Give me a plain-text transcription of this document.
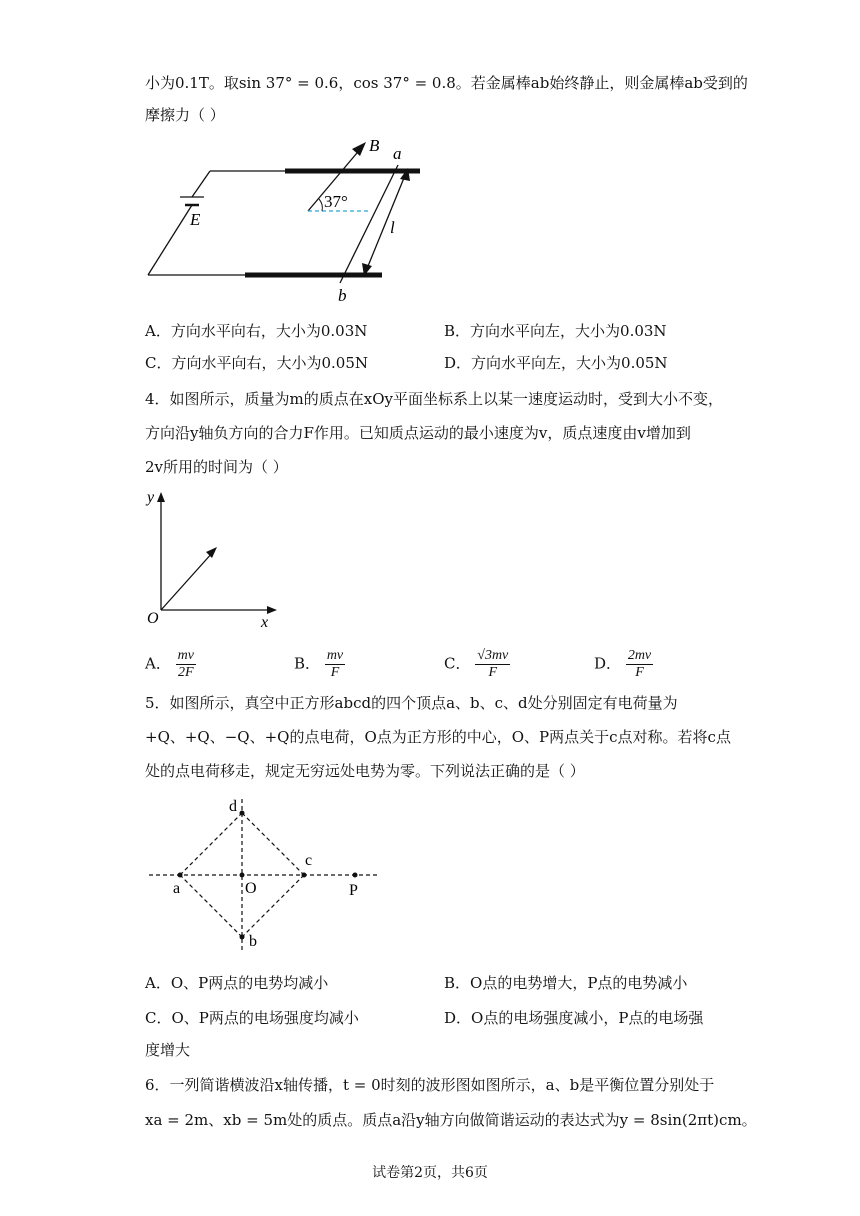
小为0.1T。取sin 37° = 0.6，cos 37° = 0.8。若金属棒ab始终静止，则金属棒ab受到的
摩擦力（ ）
B a
37°
E	l
b
A．方向水平向右，大小为0.03N	B．方向水平向左，大小为0.03N
C．方向水平向右，大小为0.05N	D．方向水平向左，大小为0.05N
4．如图所示，质量为m的质点在xOy平面坐标系上以某一速度运动时，受到大小不变，
方向沿y轴负方向的合力F作用。已知质点运动的最小速度为v，质点速度由v增加到
2v所用的时间为（ ）
y
O	x
A． $\frac{mv}{2F}$	B． $\frac{mv}{F}$	C． $\frac{√3mv}{F}$	D． $\frac{2mv}{F}$
5．如图所示，真空中正方形abcd的四个顶点a、b、c、d处分别固定有电荷量为
+Q、+Q、−Q、+Q的点电荷，O点为正方形的中心，O、P两点关于c点对称。若将c点
处的点电荷移走，规定无穷远处电势为零。下列说法正确的是（ ）
d
c
a	O	P
b
A．O、P两点的电势均减小	B．O点的电势增大，P点的电势减小
C．O、P两点的电场强度均减小	D．O点的电场强度减小，P点的电场强
度增大
6．一列简谐横波沿x轴传播，t = 0时刻的波形图如图所示，a、b是平衡位置分别处于
xa = 2m、xb = 5m处的质点。质点a沿y轴方向做简谐运动的表达式为y = 8sin(2πt)cm。
试卷第2页，共6页
